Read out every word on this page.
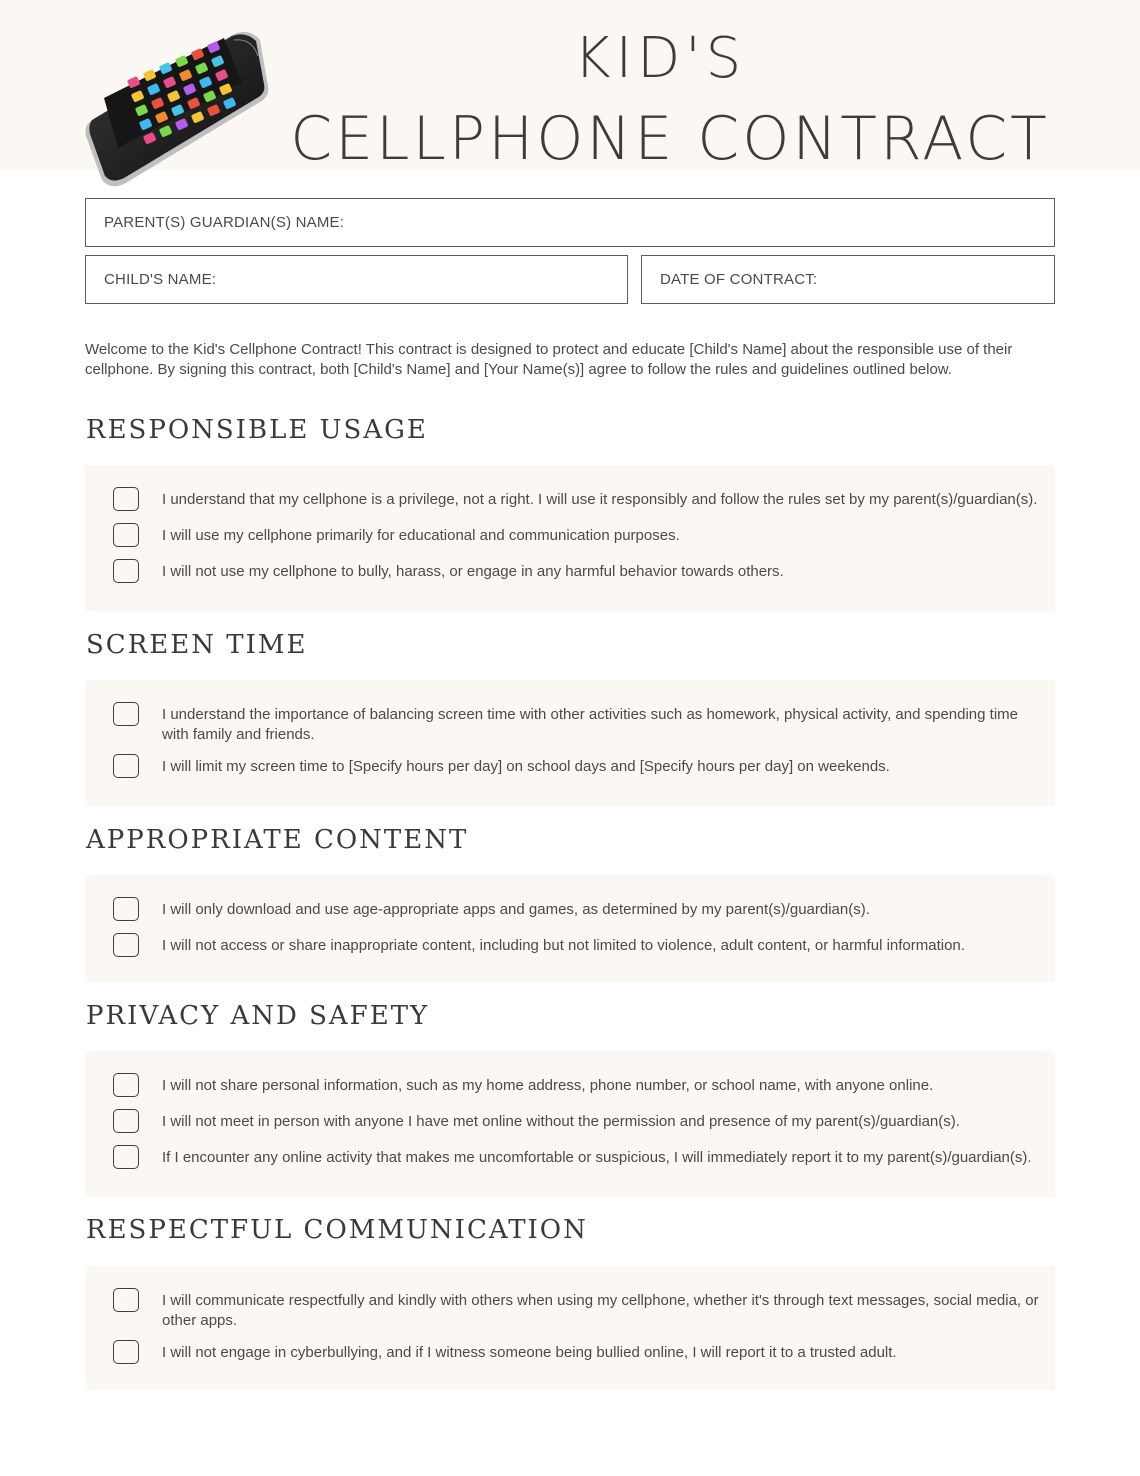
KID'S
CELLPHONE CONTRACT
PARENT(S) GUARDIAN(S) NAME:
CHILD'S NAME:	DATE OF CONTRACT:
Welcome to the Kid's Cellphone Contract! This contract is designed to protect and educate [Child's Name] about the responsible use of their cellphone. By signing this contract, both [Child's Name] and [Your Name(s)] agree to follow the rules and guidelines outlined below.
RESPONSIBLE USAGE
I understand that my cellphone is a privilege, not a right. I will use it responsibly and follow the rules set by my parent(s)/guardian(s).
I will use my cellphone primarily for educational and communication purposes.
I will not use my cellphone to bully, harass, or engage in any harmful behavior towards others.
SCREEN TIME
I understand the importance of balancing screen time with other activities such as homework, physical activity, and spending time with family and friends.
I will limit my screen time to [Specify hours per day] on school days and [Specify hours per day] on weekends.
APPROPRIATE CONTENT
I will only download and use age-appropriate apps and games, as determined by my parent(s)/guardian(s).
I will not access or share inappropriate content, including but not limited to violence, adult content, or harmful information.
PRIVACY AND SAFETY
I will not share personal information, such as my home address, phone number, or school name, with anyone online.
I will not meet in person with anyone I have met online without the permission and presence of my parent(s)/guardian(s).
If I encounter any online activity that makes me uncomfortable or suspicious, I will immediately report it to my parent(s)/guardian(s).
RESPECTFUL COMMUNICATION
I will communicate respectfully and kindly with others when using my cellphone, whether it's through text messages, social media, or other apps.
I will not engage in cyberbullying, and if I witness someone being bullied online, I will report it to a trusted adult.
